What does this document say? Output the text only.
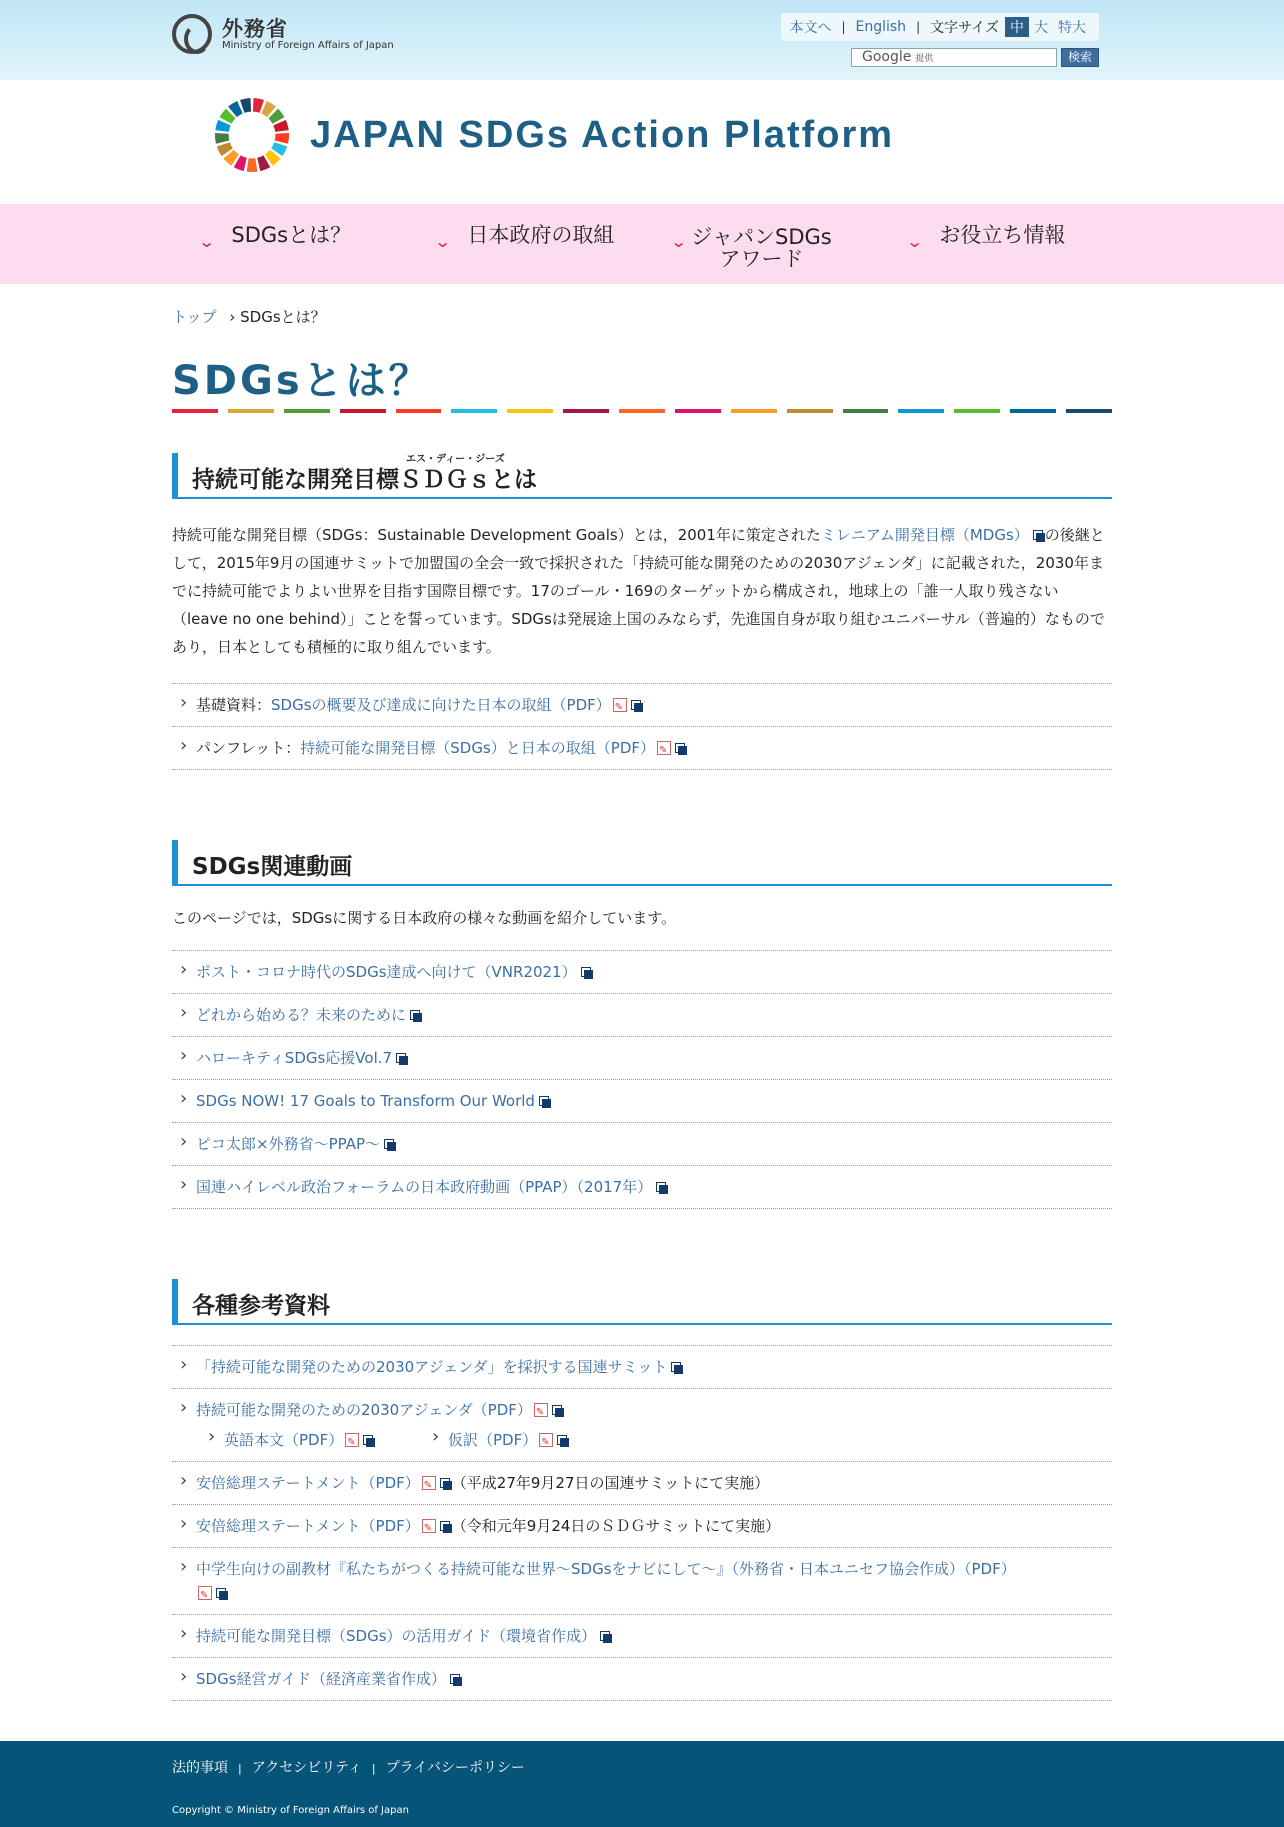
外務省
Ministry of Foreign Affairs of Japan
本文へ | English | 文字サイズ 中 大 特大
Google 提供	検索
JAPAN SDGs Action Platform
⌄ SDGsとは？	⌄ 日本政府の取組	⌄ ジャパンSDGs
アワード
⌄ お役立ち情報
トップ › SDGsとは？
SDGsとは？
エス・ディー・ジーズ
持続可能な開発目標ＳＤＧｓとは

持続可能な開発目標（SDGs：Sustainable Development Goals）とは，2001年に策定されたミレニアム開発目標（MDGs） の後継として，2015年9月の国連サミットで加盟国の全会一致で採択された「持続可能な開発のための2030アジェンダ」に記載された，2030年までに持続可能でよりよい世界を目指す国際目標です。17のゴール・169のターゲットから構成され，地球上の「誰一人取り残さない（leave no one behind）」ことを誓っています。SDGsは発展途上国のみならず，先進国自身が取り組むユニバーサル（普遍的）なものであり，日本としても積極的に取り組んでいます。

› 基礎資料：SDGsの概要及び達成に向けた日本の取組（PDF）✎
› パンフレット：持続可能な開発目標（SDGs）と日本の取組（PDF）✎
SDGs関連動画

このページでは，SDGsに関する日本政府の様々な動画を紹介しています。

› ポスト・コロナ時代のSDGs達成へ向けて（VNR2021）
› どれから始める？未来のために
› ハローキティSDGs応援Vol.7
› SDGs NOW! 17 Goals to Transform Our World
› ピコ太郎×外務省～PPAP～
› 国連ハイレベル政治フォーラムの日本政府動画（PPAP）（2017年）
各種参考資料
› 「持続可能な開発のための2030アジェンダ」を採択する国連サミット
› 持続可能な開発のための2030アジェンダ（PDF）✎
› 英語本文（PDF） ✎	› 仮訳（PDF）✎
› 安倍総理ステートメント（PDF） ✎ （平成27年9月27日の国連サミットにて実施）
› 安倍総理ステートメント（PDF） ✎ （令和元年9月24日のＳＤＧサミットにて実施）
› 中学生向けの副教材『私たちがつくる持続可能な世界～SDGsをナビにして～』（外務省・日本ユニセフ協会作成）（PDF）
✎
› 持続可能な開発目標（SDGs）の活用ガイド（環境省作成）
› SDGs経営ガイド（経済産業省作成）
法的事項 | アクセシビリティ | プライバシーポリシー
Copyright © Ministry of Foreign Affairs of Japan
